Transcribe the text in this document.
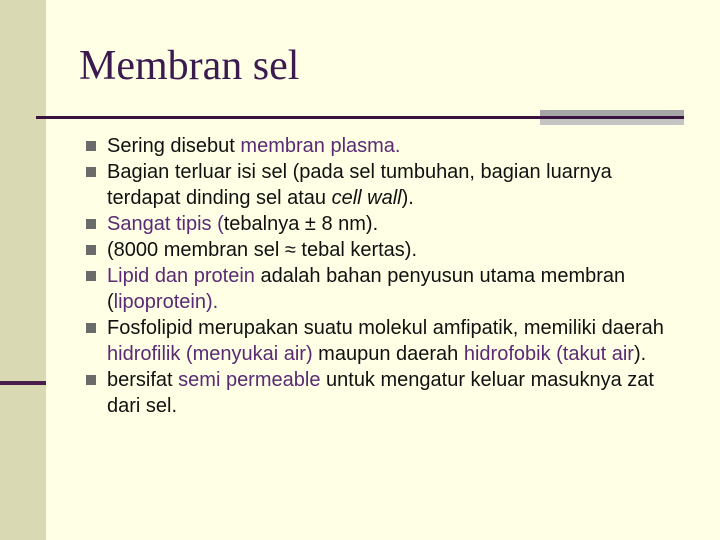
Membran sel
Sering disebut membran plasma.
Bagian terluar isi sel (pada sel tumbuhan, bagian luarnya terdapat dinding sel atau cell wall).
Sangat tipis (tebalnya ± 8 nm).
(8000 membran sel ≈ tebal kertas).
Lipid dan protein adalah bahan penyusun utama membran (lipoprotein).
Fosfolipid merupakan suatu molekul amfipatik, memiliki daerah hidrofilik (menyukai air) maupun daerah hidrofobik (takut air).
bersifat semi permeable untuk mengatur keluar masuknya zat dari sel.
